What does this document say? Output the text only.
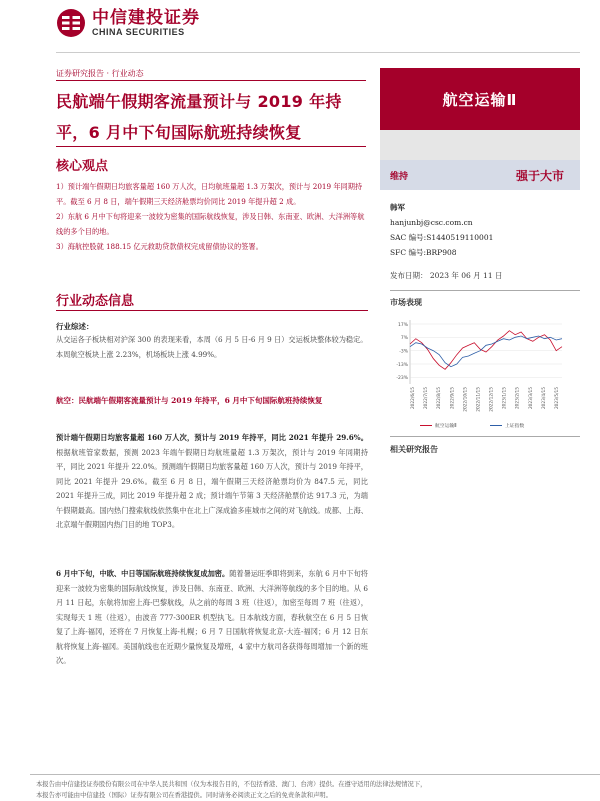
中信建投证券
CHINA SECURITIES
证券研究报告 · 行业动态
民航端午假期客流量预计与 2019 年持平，6 月中下旬国际航班持续恢复
核心观点

1）预计端午假期日均旅客量超 160 万人次，日均航班量超 1.3 万架次，预计与 2019 年同期持平。截至 6 月 8 日，端午假期三天经济舱票均价同比 2019 年提升超 2 成。

2）东航 6 月中下旬将迎来一波较为密集的国际航线恢复，涉及日韩、东南亚、欧洲、大洋洲等航线的多个目的地。

3）海航控股就 188.15 亿元救助贷款债权完成留债协议的签署。

行业动态信息
行业综述：
从交运各子板块相对沪深 300 的表现来看，本周（6 月 5 日-6 月 9 日）交运板块整体较为稳定。本周航空板块上涨 2.23%，机场板块上涨 4.99%。
航空：民航端午假期客流量预计与 2019 年持平，6 月中下旬国际航班持续恢复
预计端午假期日均旅客量超 160 万人次，预计与 2019 年持平，同比 2021 年提升 29.6%。根据航班管家数据，预测 2023 年端午假期日均航班量超 1.3 万架次，预计与 2019 年同期持平，同比 2021 年提升 22.0%。预测端午假期日均旅客量超 160 万人次，预计与 2019 年持平，同比 2021 年提升 29.6%。截至 6 月 8 日，端午假期三天经济舱票均价为 847.5 元，同比 2021 年提升三成，同比 2019 年提升超 2 成；预计端午节第 3 天经济舱票价达 917.3 元，为端午假期最高。国内热门搜索航线依然集中在北上广深成渝多座城市之间的对飞航线。成都、上海、北京端午假期国内热门目的地 TOP3。
6 月中下旬，中欧、中日等国际航班持续恢复成加密。随着暑运旺季即将到来，东航 6 月中下旬将迎来一波较为密集的国际航线恢复，涉及日韩、东南亚、欧洲、大洋洲等航线的多个目的地。从 6 月 11 日起，东航将加密上海-巴黎航线，从之前的每周 3 班（往返），加密至每周 7 班（往返），实现每天 1 班（往返），由波音 777-300ER 机型执飞。日本航线方面，春秋航空在 6 月 5 日恢复了上海-福冈，还将在 7 月恢复上海-札幌；6 月 7 日国航将恢复北京-大连-福冈；6 月 12 日东航将恢复上海-福冈。美国航线也在近期少量恢复及增班，4 家中方航司各获得每周增加一个新的班次。
航空运输Ⅱ
维持	强于大市
韩军
hanjunbj@csc.com.cn
SAC 编号:S1440519110001
SFC 编号:BRP908
发布日期： 2023 年 06 月 11 日
市场表现
17%
7%
-3%
-13%
-23%
2022/6/15 2022/7/15 2022/8/15 2022/9/15 2022/10/15 2022/11/15 2022/12/15 2023/1/15 2023/2/15 2023/3/15 2023/4/15 2023/5/15
航空运输Ⅱ	上证指数
相关研究报告
本报告由中信建投证券股份有限公司在中华人民共和国（仅为本报告目的，不包括香港、澳门、台湾）提供。在遵守适用的法律法规情况下，
本报告亦可能由中信建投（国际）证券有限公司在香港提供。同时请务必阅读正文之后的免责条款和声明。
